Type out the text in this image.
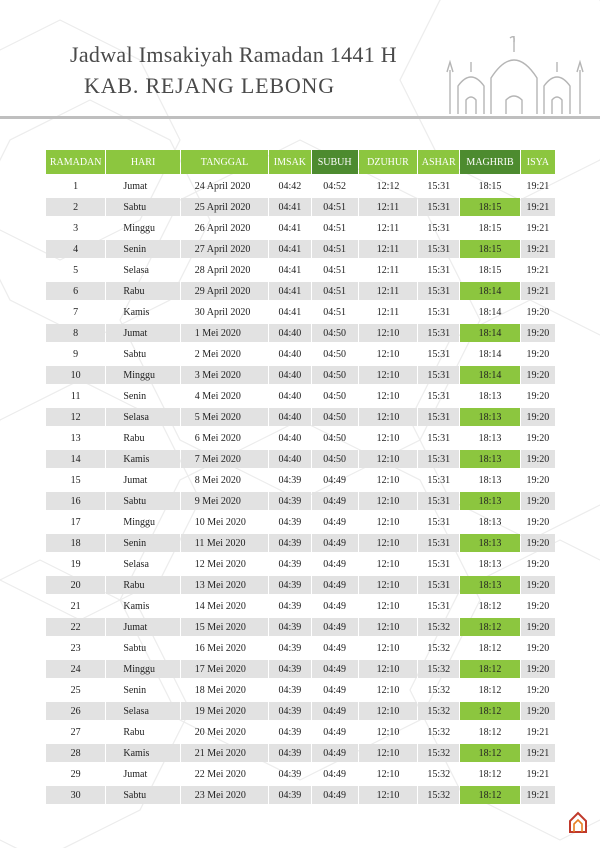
Jadwal Imsakiyah Ramadan 1441 H
KAB. REJANG LEBONG
RAMADAN	HARI	TANGGAL	IMSAK	SUBUH	DZUHUR	ASHAR	MAGHRIB	ISYA
1	Jumat	24 April 2020	04:42	04:52	12:12	15:31	18:15	19:21
2	Sabtu	25 April 2020	04:41	04:51	12:11	15:31	18:15	19:21
3	Minggu	26 April 2020	04:41	04:51	12:11	15:31	18:15	19:21
4	Senin	27 April 2020	04:41	04:51	12:11	15:31	18:15	19:21
5	Selasa	28 April 2020	04:41	04:51	12:11	15:31	18:15	19:21
6	Rabu	29 April 2020	04:41	04:51	12:11	15:31	18:14	19:21
7	Kamis	30 April 2020	04:41	04:51	12:11	15:31	18:14	19:20
8	Jumat	1 Mei 2020	04:40	04:50	12:10	15:31	18:14	19:20
9	Sabtu	2 Mei 2020	04:40	04:50	12:10	15:31	18:14	19:20
10	Minggu	3 Mei 2020	04:40	04:50	12:10	15:31	18:14	19:20
11	Senin	4 Mei 2020	04:40	04:50	12:10	15:31	18:13	19:20
12	Selasa	5 Mei 2020	04:40	04:50	12:10	15:31	18:13	19:20
13	Rabu	6 Mei 2020	04:40	04:50	12:10	15:31	18:13	19:20
14	Kamis	7 Mei 2020	04:40	04:50	12:10	15:31	18:13	19:20
15	Jumat	8 Mei 2020	04:39	04:49	12:10	15:31	18:13	19:20
16	Sabtu	9 Mei 2020	04:39	04:49	12:10	15:31	18:13	19:20
17	Minggu	10 Mei 2020	04:39	04:49	12:10	15:31	18:13	19:20
18	Senin	11 Mei 2020	04:39	04:49	12:10	15:31	18:13	19:20
19	Selasa	12 Mei 2020	04:39	04:49	12:10	15:31	18:13	19:20
20	Rabu	13 Mei 2020	04:39	04:49	12:10	15:31	18:13	19:20
21	Kamis	14 Mei 2020	04:39	04:49	12:10	15:31	18:12	19:20
22	Jumat	15 Mei 2020	04:39	04:49	12:10	15:32	18:12	19:20
23	Sabtu	16 Mei 2020	04:39	04:49	12:10	15:32	18:12	19:20
24	Minggu	17 Mei 2020	04:39	04:49	12:10	15:32	18:12	19:20
25	Senin	18 Mei 2020	04:39	04:49	12:10	15:32	18:12	19:20
26	Selasa	19 Mei 2020	04:39	04:49	12:10	15:32	18:12	19:20
27	Rabu	20 Mei 2020	04:39	04:49	12:10	15:32	18:12	19:21
28	Kamis	21 Mei 2020	04:39	04:49	12:10	15:32	18:12	19:21
29	Jumat	22 Mei 2020	04:39	04:49	12:10	15:32	18:12	19:21
30	Sabtu	23 Mei 2020	04:39	04:49	12:10	15:32	18:12	19:21
